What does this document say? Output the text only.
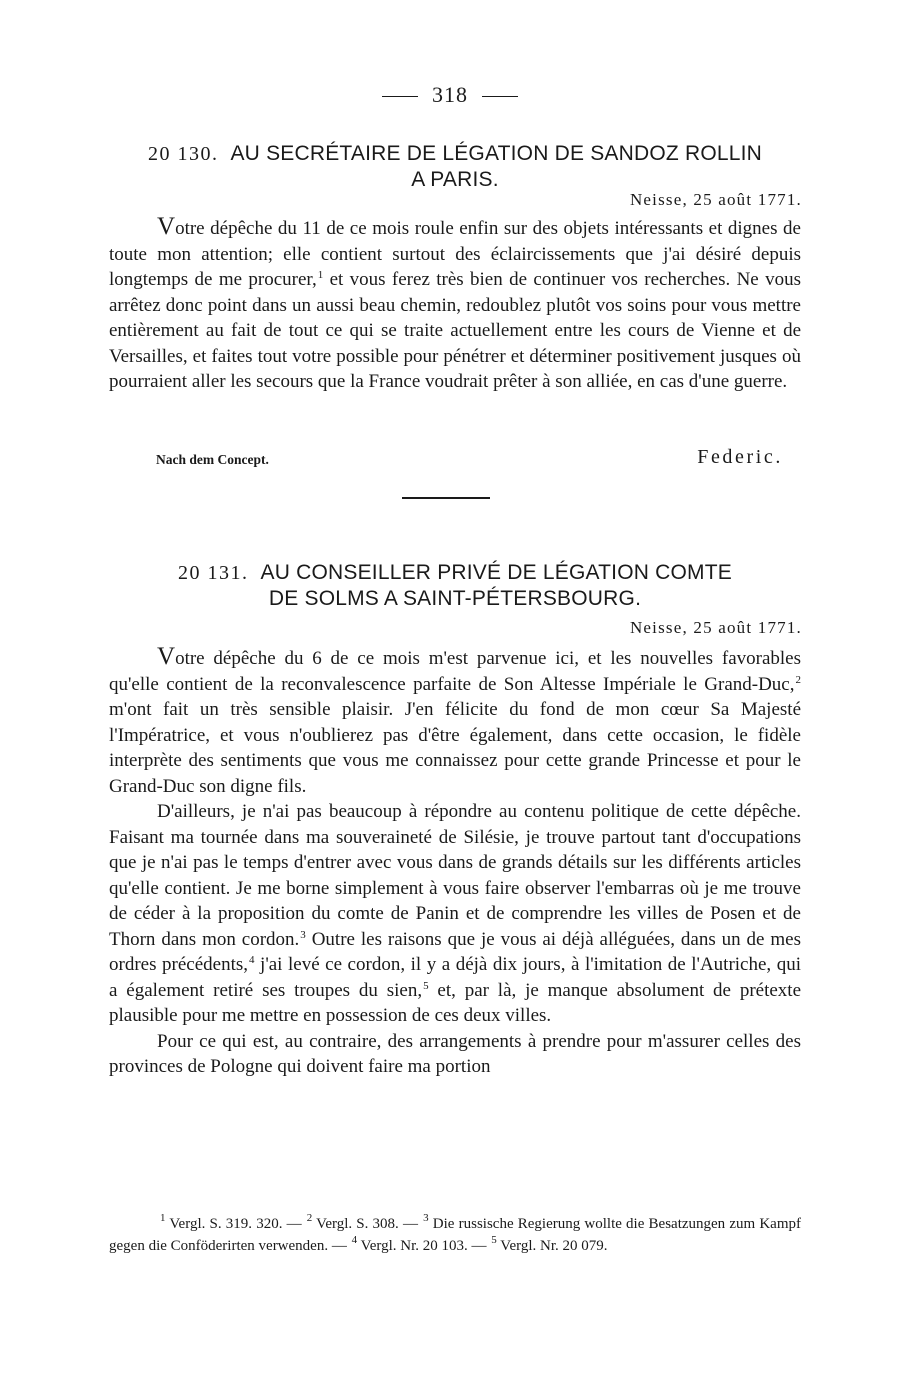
318
20 130. AU SECRÉTAIRE DE LÉGATION DE SANDOZ ROLLIN
A PARIS.
Neisse, 25 août 1771.

Votre dépêche du 11 de ce mois roule enfin sur des objets intéressants et dignes de toute mon attention; elle contient surtout des éclaircissements que j'ai désiré depuis longtemps de me procurer,$^1$ et vous ferez très bien de continuer vos recherches. Ne vous arrêtez donc point dans un aussi beau chemin, redoublez plutôt vos soins pour vous mettre entièrement au fait de tout ce qui se traite actuellement entre les cours de Vienne et de Versailles, et faites tout votre possible pour pénétrer et déterminer positivement jusques où pourraient aller les secours que la France voudrait prêter à son alliée, en cas d'une guerre.

Nach dem Concept.	Federic.
20 131. AU CONSEILLER PRIVÉ DE LÉGATION COMTE
DE SOLMS A SAINT-PÉTERSBOURG.
Neisse, 25 août 1771.

Votre dépêche du 6 de ce mois m'est parvenue ici, et les nouvelles favorables qu'elle contient de la reconvalescence parfaite de Son Altesse Impériale le Grand-Duc,$^2$ m'ont fait un très sensible plaisir. J'en félicite du fond de mon cœur Sa Majesté l'Impératrice, et vous n'oublierez pas d'être également, dans cette occasion, le fidèle interprète des sentiments que vous me connaissez pour cette grande Princesse et pour le Grand-Duc son digne fils.

D'ailleurs, je n'ai pas beaucoup à répondre au contenu politique de cette dépêche. Faisant ma tournée dans ma souveraineté de Silésie, je trouve partout tant d'occupations que je n'ai pas le temps d'entrer avec vous dans de grands détails sur les différents articles qu'elle contient. Je me borne simplement à vous faire observer l'embarras où je me trouve de céder à la proposition du comte de Panin et de comprendre les villes de Posen et de Thorn dans mon cordon.$^3$ Outre les raisons que je vous ai déjà alléguées, dans un de mes ordres précédents,$^4$ j'ai levé ce cordon, il y a déjà dix jours, à l'imitation de l'Autriche, qui a également retiré ses troupes du sien,$^5$ et, par là, je manque absolument de prétexte plausible pour me mettre en possession de ces deux villes.

Pour ce qui est, au contraire, des arrangements à prendre pour m'assurer celles des provinces de Pologne qui doivent faire ma portion

$^1$ Vergl. S. 319. 320. — $^2$ Vergl. S. 308. — $^3$ Die russische Regierung wollte die Besatzungen zum Kampf gegen die Conföderirten verwenden. — $^4$ Vergl. Nr. 20 103. — $^5$ Vergl. Nr. 20 079.
